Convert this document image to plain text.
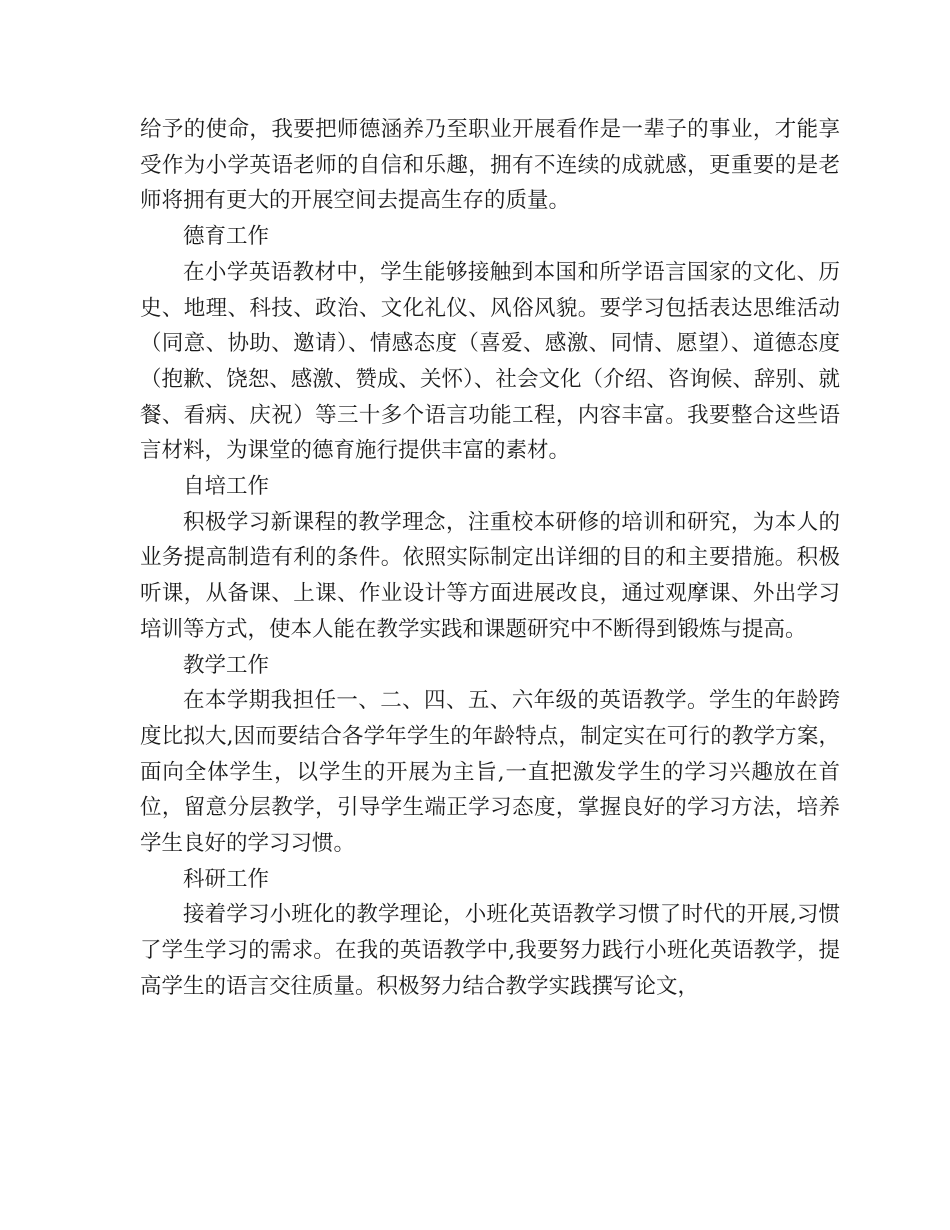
给予的使命，我要把师德涵养乃至职业开展看作是一辈子的事业，才能享受作为小学英语老师的自信和乐趣，拥有不连续的成就感，更重要的是老师将拥有更大的开展空间去提高生存的质量。

德育工作

在小学英语教材中，学生能够接触到本国和所学语言国家的文化、历史、地理、科技、政治、文化礼仪、风俗风貌。要学习包括表达思维活动（同意、协助、邀请）、情感态度（喜爱、感激、同情、愿望）、道德态度（抱歉、饶恕、感激、赞成、关怀）、社会文化（介绍、咨询候、辞别、就餐、看病、庆祝）等三十多个语言功能工程，内容丰富。我要整合这些语言材料，为课堂的德育施行提供丰富的素材。

自培工作

积极学习新课程的教学理念，注重校本研修的培训和研究，为本人的业务提高制造有利的条件。依照实际制定出详细的目的和主要措施。积极听课，从备课、上课、作业设计等方面进展改良，通过观摩课、外出学习培训等方式，使本人能在教学实践和课题研究中不断得到锻炼与提高。

教学工作

在本学期我担任一、二、四、五、六年级的英语教学。学生的年龄跨度比拟大,因而要结合各学年学生的年龄特点，制定实在可行的教学方案，面向全体学生，以学生的开展为主旨,一直把激发学生的学习兴趣放在首位，留意分层教学，引导学生端正学习态度，掌握良好的学习方法，培养学生良好的学习习惯。

科研工作

接着学习小班化的教学理论，小班化英语教学习惯了时代的开展,习惯了学生学习的需求。在我的英语教学中,我要努力践行小班化英语教学，提高学生的语言交往质量。积极努力结合教学实践撰写论文，
